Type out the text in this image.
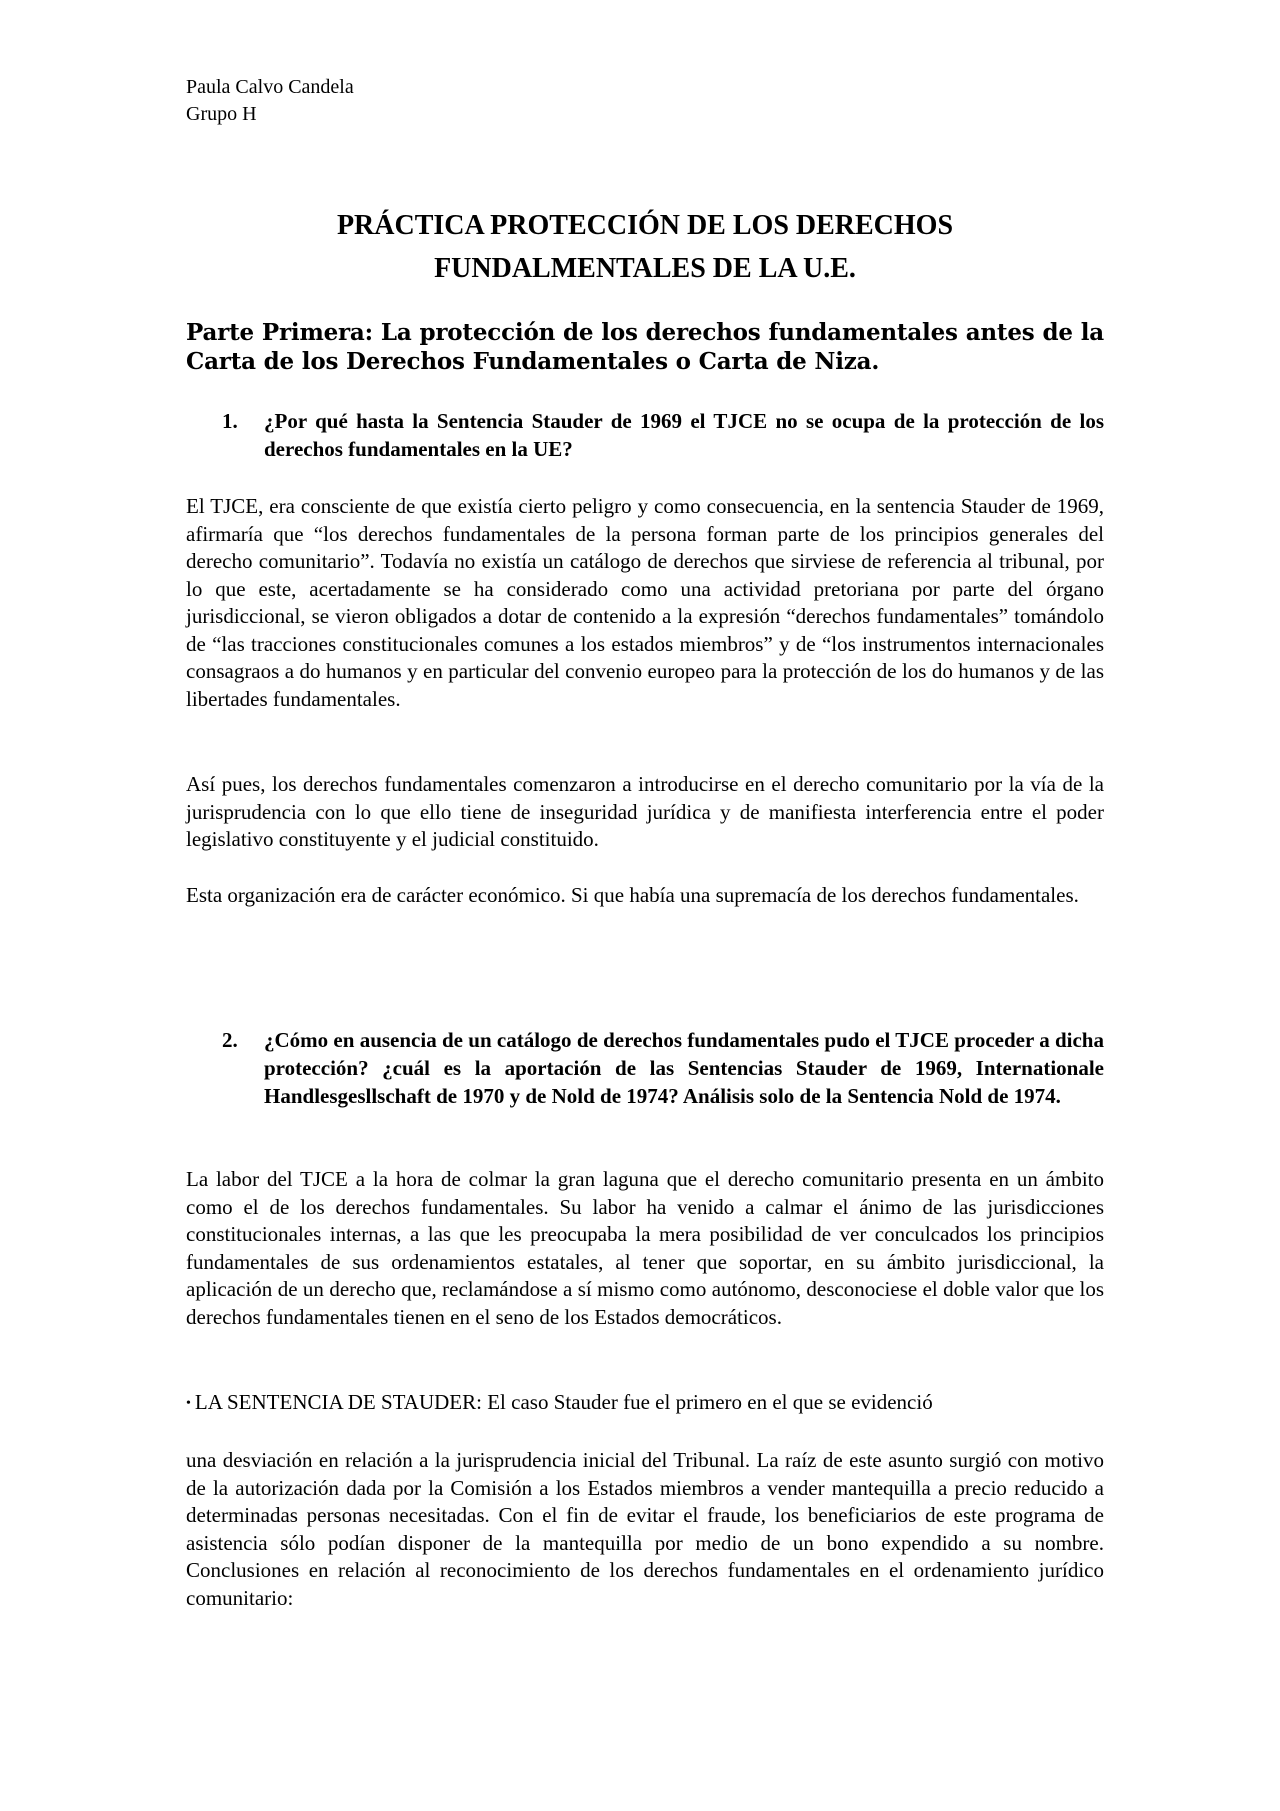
Paula Calvo Candela
Grupo H
PRÁCTICA PROTECCIÓN DE LOS DERECHOS
FUNDALMENTALES DE LA U.E.

Parte Primera: La protección de los derechos fundamentales antes de la Carta de los Derechos Fundamentales o Carta de Niza.

1.	¿Por qué hasta la Sentencia Stauder de 1969 el TJCE no se ocupa de la protección de los derechos fundamentales en la UE?

El TJCE, era consciente de que existía cierto peligro y como consecuencia, en la sentencia Stauder de 1969, afirmaría que “los derechos fundamentales de la persona forman parte de los principios generales del derecho comunitario”. Todavía no existía un catálogo de derechos que sirviese de referencia al tribunal, por lo que este, acertadamente se ha considerado como una actividad pretoriana por parte del órgano jurisdiccional, se vieron obligados a dotar de contenido a la expresión “derechos fundamentales” tomándolo de “las tracciones constitucionales comunes a los estados miembros” y de “los instrumentos internacionales consagraos a do humanos y en particular del convenio europeo para la protección de los do humanos y de las libertades fundamentales.

Así pues, los derechos fundamentales comenzaron a introducirse en el derecho comunitario por la vía de la jurisprudencia con lo que ello tiene de inseguridad jurídica y de manifiesta interferencia entre el poder legislativo constituyente y el judicial constituido.

Esta organización era de carácter económico. Si que había una supremacía de los derechos fundamentales.

2.	¿Cómo en ausencia de un catálogo de derechos fundamentales pudo el TJCE proceder a dicha protección? ¿cuál es la aportación de las Sentencias Stauder de 1969, Internationale Handlesgesllschaft de 1970 y de Nold de 1974? Análisis solo de la Sentencia Nold de 1974.

La labor del TJCE a la hora de colmar la gran laguna que el derecho comunitario presenta en un ámbito como el de los derechos fundamentales. Su labor ha venido a calmar el ánimo de las jurisdicciones constitucionales internas, a las que les preocupaba la mera posibilidad de ver conculcados los principios fundamentales de sus ordenamientos estatales, al tener que soportar, en su ámbito jurisdiccional, la aplicación de un derecho que, reclamándose a sí mismo como autónomo, desconociese el doble valor que los derechos fundamentales tienen en el seno de los Estados democráticos.

• LA SENTENCIA DE STAUDER: El caso Stauder fue el primero en el que se evidenció

una desviación en relación a la jurisprudencia inicial del Tribunal. La raíz de este asunto surgió con motivo de la autorización dada por la Comisión a los Estados miembros a vender mantequilla a precio reducido a determinadas personas necesitadas. Con el fin de evitar el fraude, los beneficiarios de este programa de asistencia sólo podían disponer de la mantequilla por medio de un bono expendido a su nombre. Conclusiones en relación al reconocimiento de los derechos fundamentales en el ordenamiento jurídico comunitario:
